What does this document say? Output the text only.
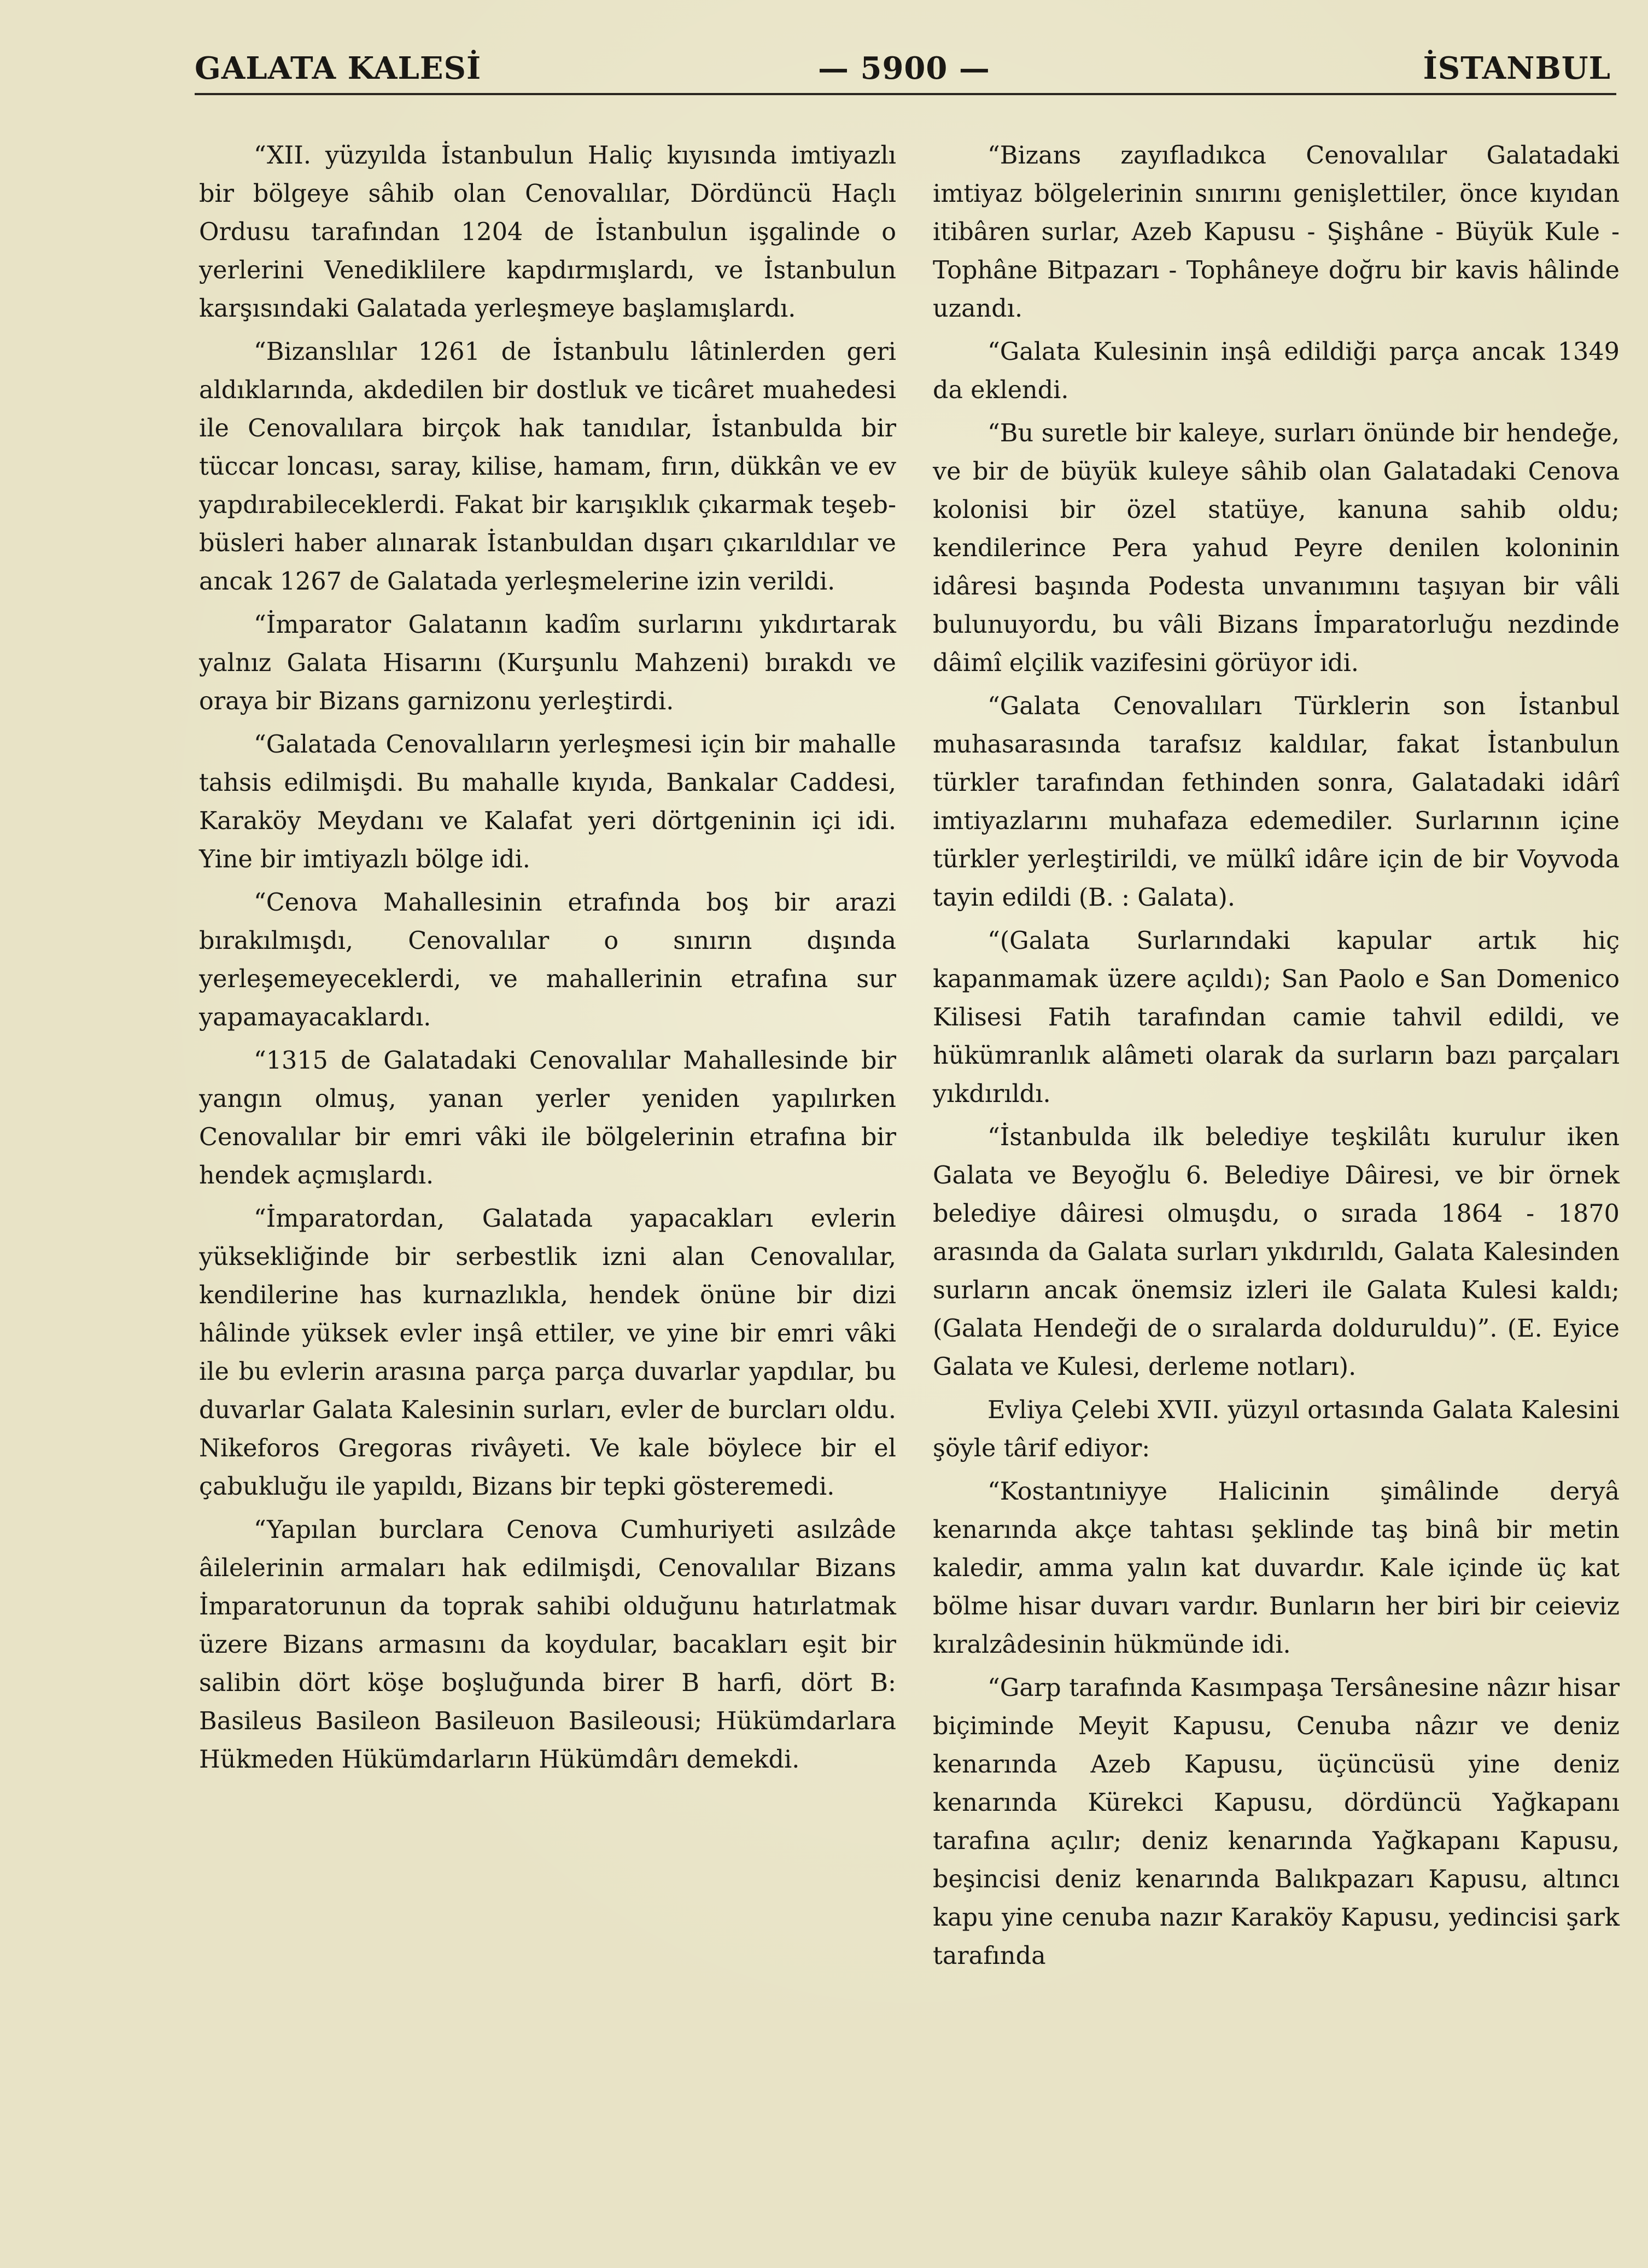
GALATA KALESİ	— 5900 —	İSTANBUL

“XII. yüzyılda İstanbulun Haliç kıyısında imtiyazlı bir bölgeye sâhib olan Cenovalılar, Dördüncü Haçlı Ordusu tarafından 1204 de İstanbulun işgalinde o yerlerini Venediklilere kapdırmışlardı, ve İstanbulun karşısındaki Galatada yerleşmeye başlamışlardı.

“Bizanslılar 1261 de İstanbulu lâtinlerden geri aldıklarında, akdedilen bir dostluk ve ticâret muahedesi ile Cenovalılara birçok hak tanıdılar, İstanbulda bir tüccar loncası, saray, kilise, hamam, fırın, dükkân ve ev yapdırabileceklerdi. Fakat bir karışıklık çıkarmak teşebbüsleri haber alınarak İstanbuldan dışarı çıkarıldılar ve ancak 1267 de Galatada yerleşmelerine izin verildi.

“İmparator Galatanın kadîm surlarını yıkdırtarak yalnız Galata Hisarını (Kurşunlu Mahzeni) bırakdı ve oraya bir Bizans garnizonu yerleştirdi.

“Galatada Cenovalıların yerleşmesi için bir mahalle tahsis edilmişdi. Bu mahalle kıyıda, Bankalar Caddesi, Karaköy Meydanı ve Kalafat yeri dörtgeninin içi idi. Yine bir imtiyazlı bölge idi.

“Cenova Mahallesinin etrafında boş bir arazi bırakılmışdı, Cenovalılar o sınırın dışında yerleşemeyeceklerdi, ve mahallerinin etrafına sur yapamayacaklardı.

“1315 de Galatadaki Cenovalılar Mahallesinde bir yangın olmuş, yanan yerler yeniden yapılırken Cenovalılar bir emri vâki ile bölgelerinin etrafına bir hendek açmışlardı.

“İmparatordan, Galatada yapacakları evlerin yüksekliğinde bir serbestlik izni alan Cenovalılar, kendilerine has kurnazlıkla, hendek önüne bir dizi hâlinde yüksek evler inşâ ettiler, ve yine bir emri vâki ile bu evlerin arasına parça parça duvarlar yapdılar, bu duvarlar Galata Kalesinin surları, evler de burcları oldu. Nikeforos Gregoras rivâyeti. Ve kale böylece bir el çabukluğu ile yapıldı, Bizans bir tepki gösteremedi.

“Yapılan burclara Cenova Cumhuriyeti asılzâde âilelerinin armaları hak edilmişdi, Cenovalılar Bizans İmparatorunun da toprak sahibi olduğunu hatırlatmak üzere Bizans armasını da koydular, bacakları eşit bir salibin dört köşe boşluğunda birer B harfi, dört B: Basileus Basileon Basileuon Basileousi; Hükümdarlara Hükmeden Hükümdarların Hükümdârı demekdi.

“Bizans zayıfladıkca Cenovalılar Galatadaki imtiyaz bölgelerinin sınırını genişlettiler, önce kıyıdan itibâren surlar, Azeb Kapusu - Şişhâne - Büyük Kule - Tophâne Bitpazarı - Tophâneye doğru bir kavis hâlinde uzandı.

“Galata Kulesinin inşâ edildiği parça ancak 1349 da eklendi.

“Bu suretle bir kaleye, surları önünde bir hendeğe, ve bir de büyük kuleye sâhib olan Galatadaki Cenova kolonisi bir özel statüye, kanuna sahib oldu; kendilerince Pera yahud Peyre denilen koloninin idâresi başında Podesta unvanımını taşıyan bir vâli bulunuyordu, bu vâli Bizans İmparatorluğu nezdinde dâimî elçilik vazifesini görüyor idi.

“Galata Cenovalıları Türklerin son İstanbul muhasarasında tarafsız kaldılar, fakat İstanbulun türkler tarafından fethinden sonra, Galatadaki idârî imtiyazlarını muhafaza edemediler. Surlarının içine türkler yerleştirildi, ve mülkî idâre için de bir Voyvoda tayin edildi (B. : Galata).

“(Galata Surlarındaki kapular artık hiç kapanmamak üzere açıldı); San Paolo e San Domenico Kilisesi Fatih tarafından camie tahvil edildi, ve hükümranlık alâmeti olarak da surların bazı parçaları yıkdırıldı.

“İstanbulda ilk belediye teşkilâtı kurulur iken Galata ve Beyoğlu 6. Belediye Dâiresi, ve bir örnek belediye dâiresi olmuşdu, o sırada 1864 - 1870 arasında da Galata surları yıkdırıldı, Galata Kalesinden surların ancak önemsiz izleri ile Galata Kulesi kaldı; (Galata Hendeği de o sıralarda dolduruldu)”. (E. Eyice Galata ve Kulesi, derleme notları).

Evliya Çelebi XVII. yüzyıl ortasında Galata Kalesini şöyle târif ediyor:

“Kostantıniyye Halicinin şimâlinde deryâ kenarında akçe tahtası şeklinde taş binâ bir metin kaledir, amma yalın kat duvardır. Kale içinde üç kat bölme hisar duvarı vardır. Bunların her biri bir ceieviz kıralzâdesinin hükmünde idi.

“Garp tarafında Kasımpaşa Tersânesine nâzır hisar biçiminde Meyit Kapusu, Cenuba nâzır ve deniz kenarında Azeb Kapusu, üçüncüsü yine deniz kenarında Kürekci Kapusu, dördüncü Yağkapanı tarafına açılır; deniz kenarında Yağkapanı Kapusu, beşincisi deniz kenarında Balıkpazarı Kapusu, altıncı kapu yine cenuba nazır Karaköy Kapusu, yedincisi şark tarafında
